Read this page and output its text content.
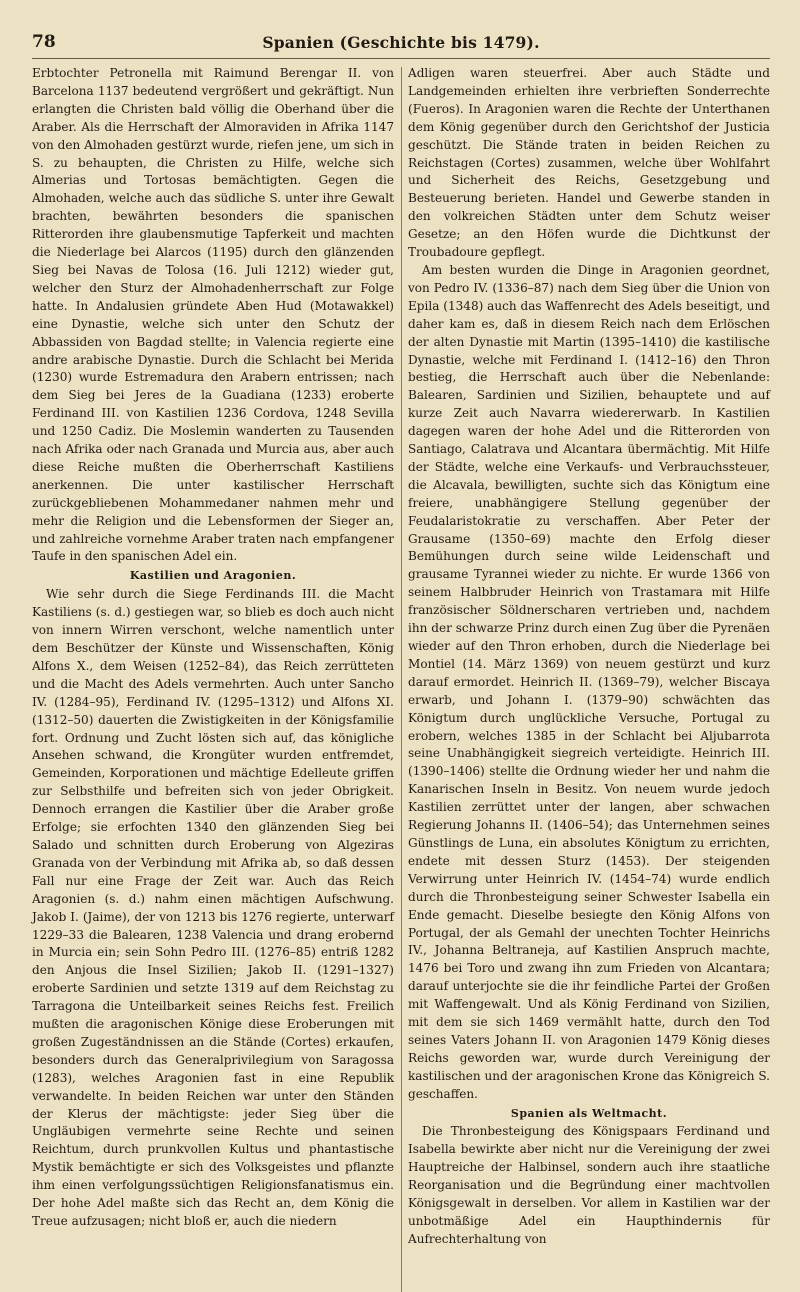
78	Spanien (Geschichte bis 1479).

Erbtochter Petronella mit Raimund Berengar II. von Barcelona 1137 bedeutend vergrößert und gekräftigt. Nun erlangten die Christen bald völlig die Oberhand über die Araber. Als die Herrschaft der Almoraviden in Afrika 1147 von den Almohaden gestürzt wurde, riefen jene, um sich in S. zu behaupten, die Christen zu Hilfe, welche sich Almerias und Tortosas bemächtigten. Gegen die Almohaden, welche auch das südliche S. unter ihre Gewalt brachten, bewährten besonders die spanischen Ritterorden ihre glaubensmutige Tapferkeit und machten die Niederlage bei Alarcos (1195) durch den glänzenden Sieg bei Navas de Tolosa (16. Juli 1212) wieder gut, welcher den Sturz der Almohadenherrschaft zur Folge hatte. In Andalusien gründete Aben Hud (Motawakkel) eine Dynastie, welche sich unter den Schutz der Abbassiden von Bagdad stellte; in Valencia regierte eine andre arabische Dynastie. Durch die Schlacht bei Merida (1230) wurde Estremadura den Arabern entrissen; nach dem Sieg bei Jeres de la Guadiana (1233) eroberte Ferdinand III. von Kastilien 1236 Cordova, 1248 Sevilla und 1250 Cadiz. Die Moslemin wanderten zu Tausenden nach Afrika oder nach Granada und Murcia aus, aber auch diese Reiche mußten die Oberherrschaft Kastiliens anerkennen. Die unter kastilischer Herrschaft zurückgebliebenen Mohammedaner nahmen mehr und mehr die Religion und die Lebensformen der Sieger an, und zahlreiche vornehme Araber traten nach empfangener Taufe in den spanischen Adel ein.

Kastilien und Aragonien.

Wie sehr durch die Siege Ferdinands III. die Macht Kastiliens (s. d.) gestiegen war, so blieb es doch auch nicht von innern Wirren verschont, welche namentlich unter dem Beschützer der Künste und Wissenschaften, König Alfons X., dem Weisen (1252–84), das Reich zerrütteten und die Macht des Adels vermehrten. Auch unter Sancho IV. (1284–95), Ferdinand IV. (1295–1312) und Alfons XI. (1312–50) dauerten die Zwistigkeiten in der Königsfamilie fort. Ordnung und Zucht lösten sich auf, das königliche Ansehen schwand, die Krongüter wurden entfremdet, Gemeinden, Korporationen und mächtige Edelleute griffen zur Selbsthilfe und befreiten sich von jeder Obrigkeit. Dennoch errangen die Kastilier über die Araber große Erfolge; sie erfochten 1340 den glänzenden Sieg bei Salado und schnitten durch Eroberung von Algeziras Granada von der Verbindung mit Afrika ab, so daß dessen Fall nur eine Frage der Zeit war. Auch das Reich Aragonien (s. d.) nahm einen mächtigen Aufschwung. Jakob I. (Jaime), der von 1213 bis 1276 regierte, unterwarf 1229–33 die Balearen, 1238 Valencia und drang erobernd in Murcia ein; sein Sohn Pedro III. (1276–85) entriß 1282 den Anjous die Insel Sizilien; Jakob II. (1291–1327) eroberte Sardinien und setzte 1319 auf dem Reichstag zu Tarragona die Unteilbarkeit seines Reichs fest. Freilich mußten die aragonischen Könige diese Eroberungen mit großen Zugeständnissen an die Stände (Cortes) erkaufen, besonders durch das Generalprivilegium von Saragossa (1283), welches Aragonien fast in eine Republik verwandelte. In beiden Reichen war unter den Ständen der Klerus der mächtigste: jeder Sieg über die Ungläubigen vermehrte seine Rechte und seinen Reichtum, durch prunkvollen Kultus und phantastische Mystik bemächtigte er sich des Volksgeistes und pflanzte ihm einen verfolgungssüchtigen Religionsfanatismus ein. Der hohe Adel maßte sich das Recht an, dem König die Treue aufzusagen; nicht bloß er, auch die niedern

Adligen waren steuerfrei. Aber auch Städte und Landgemeinden erhielten ihre verbrieften Sonderrechte (Fueros). In Aragonien waren die Rechte der Unterthanen dem König gegenüber durch den Gerichtshof der Justicia geschützt. Die Stände traten in beiden Reichen zu Reichstagen (Cortes) zusammen, welche über Wohlfahrt und Sicherheit des Reichs, Gesetzgebung und Besteuerung berieten. Handel und Gewerbe standen in den volkreichen Städten unter dem Schutz weiser Gesetze; an den Höfen wurde die Dichtkunst der Troubadoure gepflegt.

Am besten wurden die Dinge in Aragonien geordnet, von Pedro IV. (1336–87) nach dem Sieg über die Union von Epila (1348) auch das Waffenrecht des Adels beseitigt, und daher kam es, daß in diesem Reich nach dem Erlöschen der alten Dynastie mit Martin (1395–1410) die kastilische Dynastie, welche mit Ferdinand I. (1412–16) den Thron bestieg, die Herrschaft auch über die Nebenlande: Balearen, Sardinien und Sizilien, behauptete und auf kurze Zeit auch Navarra wiedererwarb. In Kastilien dagegen waren der hohe Adel und die Ritterorden von Santiago, Calatrava und Alcantara übermächtig. Mit Hilfe der Städte, welche eine Verkaufs- und Verbrauchssteuer, die Alcavala, bewilligten, suchte sich das Königtum eine freiere, unabhängigere Stellung gegenüber der Feudalaristokratie zu verschaffen. Aber Peter der Grausame (1350–69) machte den Erfolg dieser Bemühungen durch seine wilde Leidenschaft und grausame Tyrannei wieder zu nichte. Er wurde 1366 von seinem Halbbruder Heinrich von Trastamara mit Hilfe französischer Söldnerscharen vertrieben und, nachdem ihn der schwarze Prinz durch einen Zug über die Pyrenäen wieder auf den Thron erhoben, durch die Niederlage bei Montiel (14. März 1369) von neuem gestürzt und kurz darauf ermordet. Heinrich II. (1369–79), welcher Biscaya erwarb, und Johann I. (1379–90) schwächten das Königtum durch unglückliche Versuche, Portugal zu erobern, welches 1385 in der Schlacht bei Aljubarrota seine Unabhängigkeit siegreich verteidigte. Heinrich III. (1390–1406) stellte die Ordnung wieder her und nahm die Kanarischen Inseln in Besitz. Von neuem wurde jedoch Kastilien zerrüttet unter der langen, aber schwachen Regierung Johanns II. (1406–54); das Unternehmen seines Günstlings de Luna, ein absolutes Königtum zu errichten, endete mit dessen Sturz (1453). Der steigenden Verwirrung unter Heinrich IV. (1454–74) wurde endlich durch die Thronbesteigung seiner Schwester Isabella ein Ende gemacht. Dieselbe besiegte den König Alfons von Portugal, der als Gemahl der unechten Tochter Heinrichs IV., Johanna Beltraneja, auf Kastilien Anspruch machte, 1476 bei Toro und zwang ihn zum Frieden von Alcantara; darauf unterjochte sie die ihr feindliche Partei der Großen mit Waffengewalt. Und als König Ferdinand von Sizilien, mit dem sie sich 1469 vermählt hatte, durch den Tod seines Vaters Johann II. von Aragonien 1479 König dieses Reichs geworden war, wurde durch Vereinigung der kastilischen und der aragonischen Krone das Königreich S. geschaffen.

Spanien als Weltmacht.

Die Thronbesteigung des Königspaars Ferdinand und Isabella bewirkte aber nicht nur die Vereinigung der zwei Hauptreiche der Halbinsel, sondern auch ihre staatliche Reorganisation und die Begründung einer machtvollen Königsgewalt in derselben. Vor allem in Kastilien war der unbotmäßige Adel ein Haupthindernis für Aufrechterhaltung von
